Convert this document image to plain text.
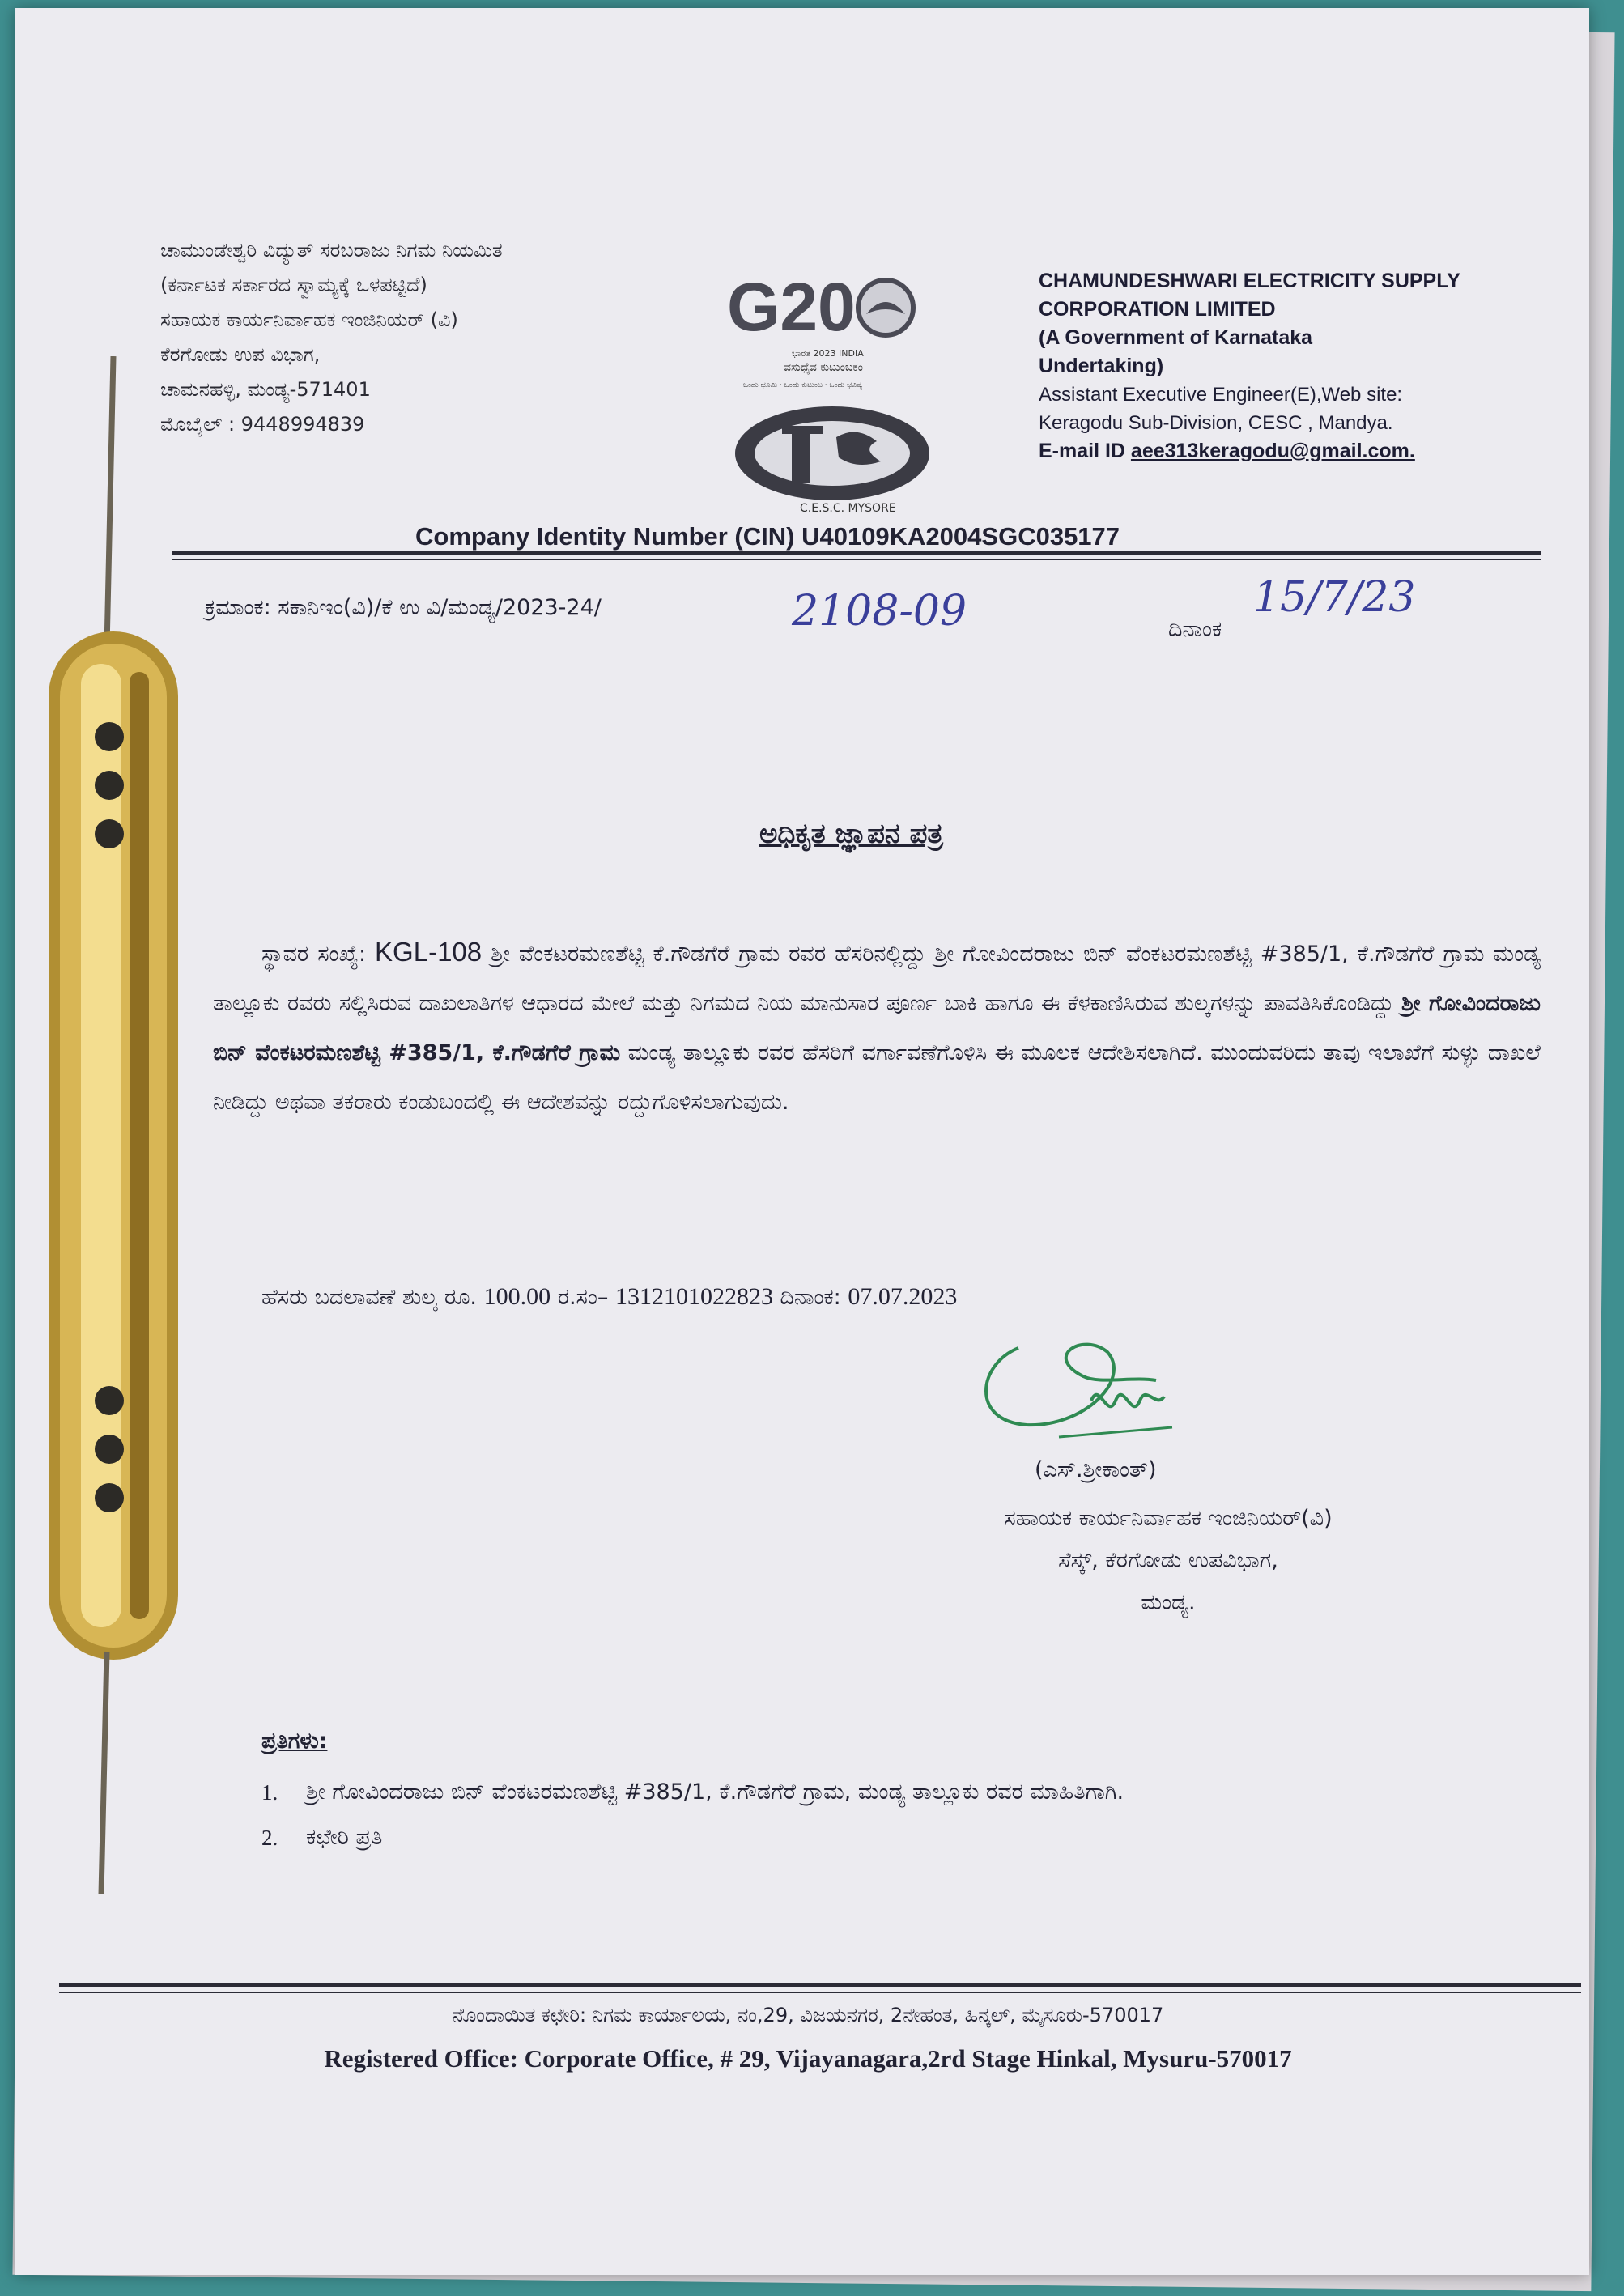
ಚಾಮುಂಡೇಶ್ವರಿ ವಿದ್ಯುತ್ ಸರಬರಾಜು ನಿಗಮ ನಿಯಮಿತ
(ಕರ್ನಾಟಕ ಸರ್ಕಾರದ ಸ್ವಾಮ್ಯಕ್ಕೆ ಒಳಪಟ್ಟಿದೆ)
ಸಹಾಯಕ ಕಾರ್ಯನಿರ್ವಾಹಕ ಇಂಜಿನಿಯರ್ (ವಿ)
ಕೆರಗೋಡು ಉಪ ವಿಭಾಗ,
ಚಾಮನಹಳ್ಳಿ, ಮಂಡ್ಯ-571401
ಮೊಬೈಲ್ : 9448994839
G20
ಭಾರತ 2023 INDIA
ವಸುಧೈವ ಕುಟುಂಬಕಂ
ಒಂದು ಭೂಮಿ · ಒಂದು ಕುಟುಂಬ · ಒಂದು ಭವಿಷ್ಯ
C.E.S.C. MYSORE
CHAMUNDESHWARI ELECTRICITY SUPPLY
CORPORATION LIMITED
(A Government of Karnataka
Undertaking)
Assistant Executive Engineer(E),Web site:
Keragodu Sub-Division, CESC , Mandya.
E-mail ID aee313keragodu@gmail.com.
Company Identity Number (CIN) U40109KA2004SGC035177
ಕ್ರಮಾಂಕ: ಸಕಾನಿಇಂ(ವಿ)/ಕೆ ಉ ವಿ/ಮಂಡ್ಯ/2023-24/	2108-09	ದಿನಾಂಕ
15/7/23
ಅಧಿಕೃತ ಜ್ಞಾಪನ ಪತ್ರ
ಸ್ಥಾವರ ಸಂಖ್ಯೆ: KGL-108 ಶ್ರೀ ವೆಂಕಟರಮಣಶೆಟ್ಟಿ ಕೆ.ಗೌಡಗೆರೆ ಗ್ರಾಮ ರವರ ಹೆಸರಿನಲ್ಲಿದ್ದು ಶ್ರೀ ಗೋವಿಂದರಾಜು ಬಿನ್ ವೆಂಕಟರಮಣಶೆಟ್ಟಿ #385/1, ಕೆ.ಗೌಡಗೆರೆ ಗ್ರಾಮ ಮಂಡ್ಯ ತಾಲ್ಲೂಕು ರವರು ಸಲ್ಲಿಸಿರುವ ದಾಖಲಾತಿಗಳ ಆಧಾರದ ಮೇಲೆ ಮತ್ತು ನಿಗಮದ ನಿಯ ಮಾನುಸಾರ ಪೂರ್ಣ ಬಾಕಿ ಹಾಗೂ ಈ ಕೆಳಕಾಣಿಸಿರುವ ಶುಲ್ಕಗಳನ್ನು ಪಾವತಿಸಿಕೊಂಡಿದ್ದು ಶ್ರೀ ಗೋವಿಂದರಾಜು ಬಿನ್ ವೆಂಕಟರಮಣಶೆಟ್ಟಿ #385/1, ಕೆ.ಗೌಡಗೆರೆ ಗ್ರಾಮ ಮಂಡ್ಯ ತಾಲ್ಲೂಕು ರವರ ಹೆಸರಿಗೆ ವರ್ಗಾವಣೆಗೊಳಿಸಿ ಈ ಮೂಲಕ ಆದೇಶಿಸಲಾಗಿದೆ. ಮುಂದುವರಿದು ತಾವು ಇಲಾಖೆಗೆ ಸುಳ್ಳು ದಾಖಲೆ ನೀಡಿದ್ದು ಅಥವಾ ತಕರಾರು ಕಂಡುಬಂದಲ್ಲಿ ಈ ಆದೇಶವನ್ನು ರದ್ದುಗೊಳಿಸಲಾಗುವುದು.
ಹೆಸರು ಬದಲಾವಣೆ ಶುಲ್ಕ ರೂ. 100.00 ರ.ಸಂ– 1312101022823 ದಿನಾಂಕ: 07.07.2023
(ಎಸ್.ಶ್ರೀಕಾಂತ್)
ಸಹಾಯಕ ಕಾರ್ಯನಿರ್ವಾಹಕ ಇಂಜಿನಿಯರ್(ವಿ)
ಸೆಸ್ಕ್, ಕೆರಗೋಡು ಉಪವಿಭಾಗ,
ಮಂಡ್ಯ.
ಪ್ರತಿಗಳು:
1.	ಶ್ರೀ ಗೋವಿಂದರಾಜು ಬಿನ್ ವೆಂಕಟರಮಣಶೆಟ್ಟಿ #385/1, ಕೆ.ಗೌಡಗೆರೆ ಗ್ರಾಮ, ಮಂಡ್ಯ ತಾಲ್ಲೂಕು ರವರ ಮಾಹಿತಿಗಾಗಿ.
2.	ಕಛೇರಿ ಪ್ರತಿ
ನೊಂದಾಯಿತ ಕಛೇರಿ: ನಿಗಮ ಕಾರ್ಯಾಲಯ, ನಂ,29, ವಿಜಯನಗರ, 2ನೇಹಂತ, ಹಿನ್ಕಲ್, ಮೈಸೂರು-570017
Registered Office: Corporate Office, # 29, Vijayanagara,2rd Stage Hinkal, Mysuru-570017
